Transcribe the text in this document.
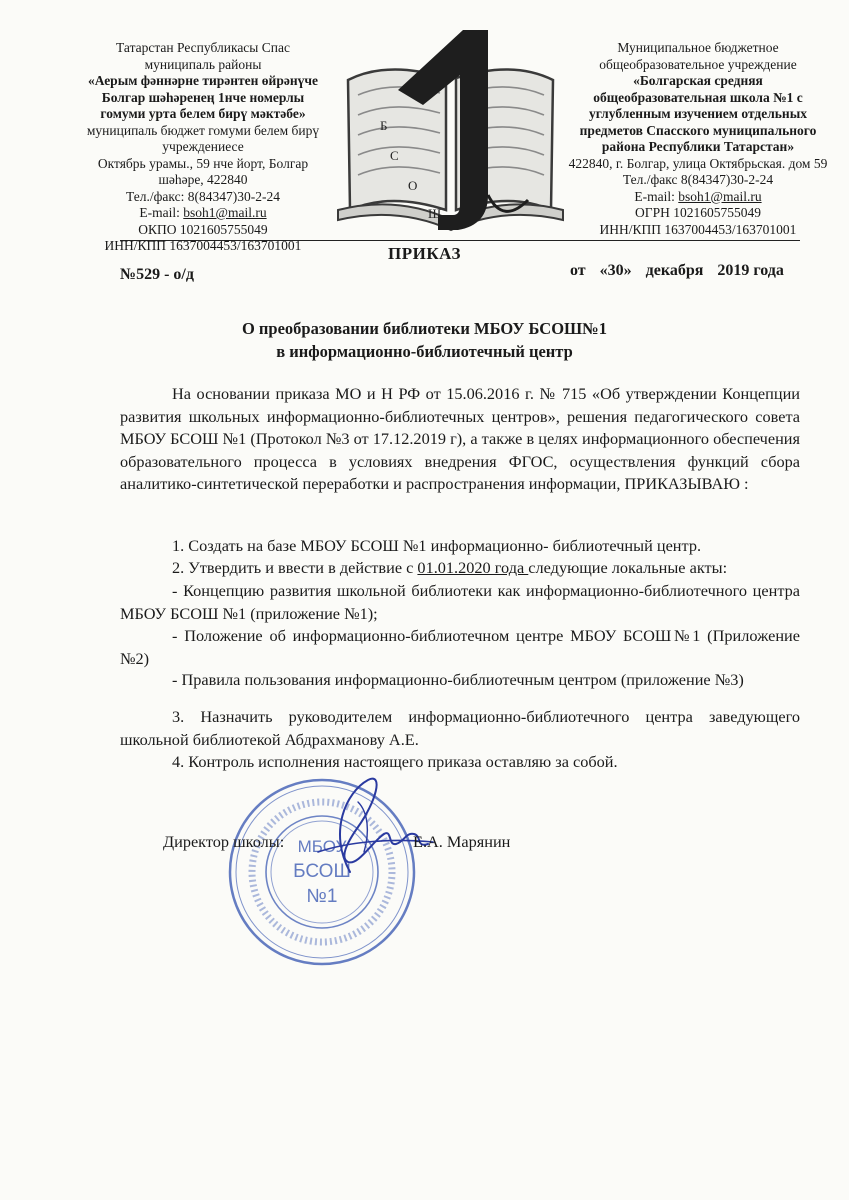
Татарстан Республикасы Спас
муниципаль районы
«Аерым фәннәрне тирәнтен өйрәнүче
Болгар шәһәренең 1нче номерлы
гомуми урта белем бирү мәктәбе»
муниципаль бюджет гомуми белем бирү
учреждениесе
Октябрь урамы., 59 нче йорт, Болгар
шәһәре, 422840
Тел./факс: 8(84347)30-2-24
E-mail: bsoh1@mail.ru
ОКПО 1021605755049
ИНН/КПП 1637004453/163701001
Б
С
О
Ш
Муниципальное бюджетное
общеобразовательное учреждение
«Болгарская средняя
общеобразовательная школа №1 с
углубленным изучением отдельных
предметов Спасского муниципального
района Республики Татарстан»
422840, г. Болгар, улица Октябрьская. дом 59
Тел./факс 8(84347)30-2-24
E-mail: bsoh1@mail.ru
ОГРН 1021605755049
ИНН/КПП 1637004453/163701001
ПРИКАЗ
№529 - о/д	от «30» декабря 2019 года
О преобразовании библиотеки МБОУ БСОШ№1
в информационно-библиотечный центр
На основании приказа МО и Н РФ от 15.06.2016 г. № 715 «Об утверждении Концепции развития школьных информационно-библиотечных центров», решения педагогического совета МБОУ БСОШ №1 (Протокол №3 от 17.12.2019 г), а также в целях информационного обеспечения образовательного процесса в условиях внедрения ФГОС, осуществления функций сбора аналитико-синтетической переработки и распространения информации, ПРИКАЗЫВАЮ :
1. Создать на базе МБОУ БСОШ №1 информационно- библиотечный центр.
2. Утвердить и ввести в действие с 01.01.2020 года следующие локальные акты:
- Концепцию развития школьной библиотеки как информационно-библиотечного центра МБОУ БСОШ №1 (приложение №1);
- Положение об информационно-библиотечном центре МБОУ БСОШ№1 (Приложение №2)
- Правила пользования информационно-библиотечным центром (приложение №3)
3. Назначить руководителем информационно-библиотечного центра заведующего школьной библиотекой Абдрахманову А.Е.
4. Контроль исполнения настоящего приказа оставляю за собой.
МБОУ
БСОШ
№1
Директор школы:	Е.А. Марянин
